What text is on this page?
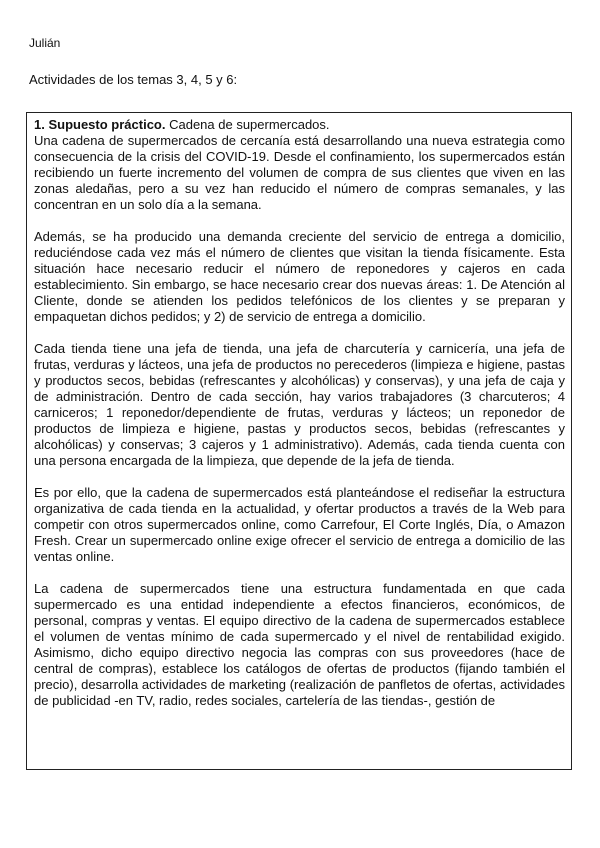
Julián
Actividades de los temas 3, 4, 5 y 6:

1. Supuesto práctico. Cadena de supermercados.
Una cadena de supermercados de cercanía está desarrollando una nueva estrategia como consecuencia de la crisis del COVID-19. Desde el confinamiento, los supermercados están recibiendo un fuerte incremento del volumen de compra de sus clientes que viven en las zonas aledañas, pero a su vez han reducido el número de compras semanales, y las concentran en un solo día a la semana.

Además, se ha producido una demanda creciente del servicio de entrega a domicilio, reduciéndose cada vez más el número de clientes que visitan la tienda físicamente. Esta situación hace necesario reducir el número de reponedores y cajeros en cada establecimiento. Sin embargo, se hace necesario crear dos nuevas áreas: 1. De Atención al Cliente, donde se atienden los pedidos telefónicos de los clientes y se preparan y empaquetan dichos pedidos; y 2) de servicio de entrega a domicilio.

Cada tienda tiene una jefa de tienda, una jefa de charcutería y carnicería, una jefa de frutas, verduras y lácteos, una jefa de productos no perecederos (limpieza e higiene, pastas y productos secos, bebidas (refrescantes y alcohólicas) y conservas), y una jefa de caja y de administración. Dentro de cada sección, hay varios trabajadores (3 charcuteros; 4 carniceros; 1 reponedor/dependiente de frutas, verduras y lácteos; un reponedor de productos de limpieza e higiene, pastas y productos secos, bebidas (refrescantes y alcohólicas) y conservas; 3 cajeros y 1 administrativo). Además, cada tienda cuenta con una persona encargada de la limpieza, que depende de la jefa de tienda.

Es por ello, que la cadena de supermercados está planteándose el rediseñar la estructura organizativa de cada tienda en la actualidad, y ofertar productos a través de la Web para competir con otros supermercados online, como Carrefour, El Corte Inglés, Día, o Amazon Fresh. Crear un supermercado online exige ofrecer el servicio de entrega a domicilio de las ventas online.

La cadena de supermercados tiene una estructura fundamentada en que cada supermercado es una entidad independiente a efectos financieros, económicos, de personal, compras y ventas. El equipo directivo de la cadena de supermercados establece el volumen de ventas mínimo de cada supermercado y el nivel de rentabilidad exigido. Asimismo, dicho equipo directivo negocia las compras con sus proveedores (hace de central de compras), establece los catálogos de ofertas de productos (fijando también el precio), desarrolla actividades de marketing (realización de panfletos de ofertas, actividades de publicidad -en TV, radio, redes sociales, cartelería de las tiendas-, gestión de
